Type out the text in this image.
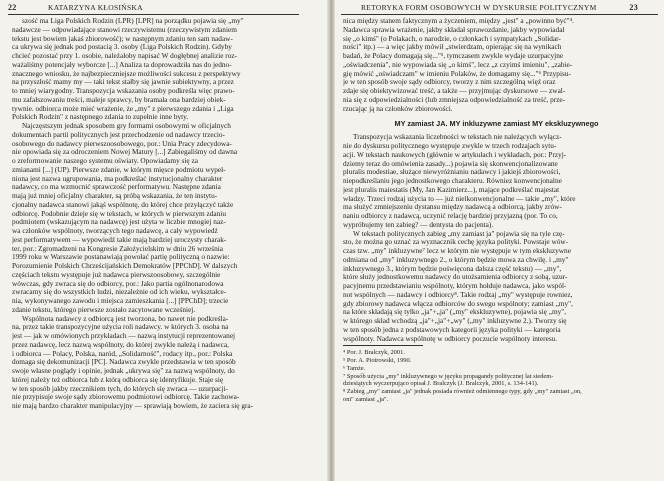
22	KATARZYNA KŁOSIŃSKA
szość ma Liga Polskich Rodzin (LPR) [LPR] na porządku pojawia się „my"
nadawcze — odpowiadające stanowi rzeczywistemu (rzeczywistym zdaniem
tekstu jest bowiem jakaś zbiorowość); w następnym zdaniu ten sam nadaw-
ca ukrywa się jednak pod postacią 3. osoby (Liga Polskich Rodzin). Gdyby
chcieć pozostać przy 1. osobie, należałoby napisać W dogłębnej analizie roz-
ważaliśmy potencjały wyborcze [...] Analiza ta doprowadziła nas do jedno-
znacznego wniosku, że najbezpieczniejsze możliwości sukcesu z perspektywy
na przyszłość mamy my — taki tekst stałby się jawnie subiektywny, a przez
to mniej wiarygodny. Transpozycja wskazania osoby podkreśla więc prawo-
mu zafałszowaniu treści, maleje sprawcy, by bramała ona bardziej obiek-
tywnie. odbiorca może mieć wrażenie, że „my" z pierwszego zdania i „Liga
Polskich Rodzin" z następnego zdania to zupełnie inne byty.
Najczęstszym jednak sposobem gry formami osobowymi w oficjalnych
dokumentach partii politycznych jest przechodzenie od nadawcy trzecio-
osobowego do nadawcy pierwszoosobowego, por.: Unia Pracy zdecydowa-
nie opowiada się za odroczeniem Nowej Matury [...] Zabiegaliśmy od dawna
o zreformowanie naszego systemu oświaty. Opowiadamy się za
zmianami [...] (UP). Pierwsze zdanie, w którym mięsce podmiotu wypeł-
niona jest nazwa ugrupowania, ma podkreślać instytucjonalny charakter
nadawcy, co ma wzmocnić sprawczość performatywu. Następne zdania
mają już mniej oficjalny charakter, są próbą wskazania, że ten instytu-
cjonalny nadawca stanowi jakąś wspólnotę, do której chce przyłączyć także
odbiorcę. Podobnie dzieje się w tekstach, w których w pierwszym zdaniu
podmiotem (wskazującym na nadawcę) jest użyta w liczbie mnogiej naz-
wa członków wspólnoty, tworzących tego nadawcę, a cały wypowiedź
jest performatywem — wypowiedź takie mają bardziej uroczysty charak-
ter, por.: Zgromadzeni na Kongresie Założycielskim w dniu 26 września
1999 roku w Warszawie postanawiają powołać partię polityczną o nazwie:
Porozumienie Polskich Chrześcijańskich Demokratów [PPChD]. W dalszych
częściach tekstu występuje już nadawca pierwszoosobowy, szczególnie
wówczas, gdy zwraca się do odbiorcy, por.: Jako partia ogólnonarodowa
zwracamy się do wszystkich ludzi, niezależnie od ich wieku, wykształce-
nia, wykonywanego zawodu i miejsca zamieszkania [...] [PPChD]; trzecie
zdanie tekstu, którego pierwsze zostało zacytowane wcześniej.
Wspólnota nadawcy z odbiorcą jest tworzona, bo nawet nie podkreśla-
na, przez takie transpozycyjne użycia roli nadawcy. w których 3. osoba na
jest — jak w omówionych przykładach — nazwą instytucji reprezentowanej
przez nadawcę, lecz nazwą wspólnoty, do której zwykle należą i nadawca,
i odbiorca — Polacy, Polska, naród, „Solidarność", rodacy itp., por.: Polska
domaga się dekomunizacji [PC]. Nadawca zwykle przedstawia w ten sposób
swoje własne poglądy i opinie, jednak „ukrywa się" za nazwą wspólnoty, do
której należy też odbiorca lub z którą odbiorca się identyfikuje. Staje się
w ten sposób jakby rzecznikiem tych, do których się zwraca — uzurpacji-
nie przypisuje swoje sądy zbiorowemu podmiotowi odbiorcę. Takie zachowa-
nie mają bardzo charakter manipulacyjny — sprawiają bowiem, że zaciera się gra-
RETORYKA FORM OSOBOWYCH W DYSKURSIE POLITYCZNYM	23
nica między stanem faktycznym a życzeniem, między „jest" a „powinno być"⁴.
Nadawca sprawia wrażenie, jakby składał sprawozdanie, jakby wypowiadał
się „o kimś" (o Polakach, o narodzie, o członkach i sympatykach „Solidar-
ności" itp.) — a więc jakby mówił „stwierdzam, opierając się na wynikach
badań, że Polacy domagają się..."⁵, tymczasem zwykle wydaje uzurpacyjne
„oświadczenia", nie wypowiada się „o kimś", lecz „z czyimś imieniu", „zabie-
gię mówić „oświadczam" w imieniu Polaków, że domagamy się..."⁶ Przypisu-
je w ten sposób swoje sądy odbiorcy, tworzy z nim szczególną więź oraz
zdaje się obiektywizować treść, a także — przyjmując dyskursowe — zwal-
nia się z odpowiedzialności (lub zmniejsza odpowiedzialność za treść, prze-
rzucając ją na członków zbiorowości.
MY zamiast JA. MY inkluzywne zamiast MY ekskluzywnego
Transpozycja wskazania liczebności w tekstach nie należących wyłącz-
nie do dyskursu politycznego występuje zwykle w trzech rodzajach sytu-
acji. W tekstach naukowych (głównie w artykułach i wykładach, por.: Przyj-
dziemy teraz do omówienia zasady...) pojawia się skonwencjonalizowane
pluralis modestiae, służące niewyróżnianiu nadawcy i jakiejś zbiorowości,
niepodkreślaniu jego jednostkowego charakteru. Równiez konwencjonalne
jest pluralis maiestatis (My, Jan Kazimierz...), mające podkreślać majestat
władzy. Trzeci rodzaj użycia to — już nielkonwencjonalne — takie „my", które
ma służyć zmniejszeniu dystansu między nadawcą a odbiorcą, jakby zrów-
naniu odbiorcy z nadawcą, uczynić relację bardziej przyjazną (por. To co,
wypróbujemy ten zabieg? — dentysta do pacjenta).
W tekstach politycznych zabieg „my zamiast ja" pojawia się na tyle czę-
sto, że można go uznać za wyznacznik cechę języka polityki. Powstaje wów-
czas tzw. „my" inkluzywne⁷ lecz w którym nie występuje w tym ekskluzywne
odmiana od „my" inkluzywnego 2., o którym będzie mowa za chwilę. i „my"
inkluzywnego 3., którym będzie poświęcona dalsza część tekstu) — „my",
które służy jednostkowemu nadawcy do utożsamienia odbiorcy z sobą, uzur-
pacyjnemu przedstawianiu wspólnoty, którym hołduje nadawca, jako wspól-
not wspólnych — nadawcy i odbiorcy⁸. Takie rodzaj „my" występuje rowniez,
gdy zbiorowy nadawca włącza odbiorców do swego wspólnoty; zamiast „my",
na które składają się tylko „ja"+„ja" („my" ekskluzywne), pojawia się „my",
w którego skład wchodzą „ja"+„ja"+„wy" („my" inkluzywne 2.). Tworzy się
w ten sposób jedna z podstawowych kategorii języka polityki — kategoria
wspólnoty. Nadawca wspólnotę w odbiorcy poczucie wspólnoty interesu.
⁴ Por. J. Bralczyk, 2001.
⁵ Por. A. Piotrowski, 1990.
⁶ Tamże.
⁷ Sposób użycia „my" inkluzywnego w języku propagandy politycznej lat siedem-
dziesiątych wyczerpująco opisał J. Bralczyk (J. Bralczyk, 2001, s. 134-141).
⁸ Zabieg „my" zamiast „ja" jednak posiada również odmiennego typy, gdy „my" zamiast „on,
oni" zamiast „ja".
